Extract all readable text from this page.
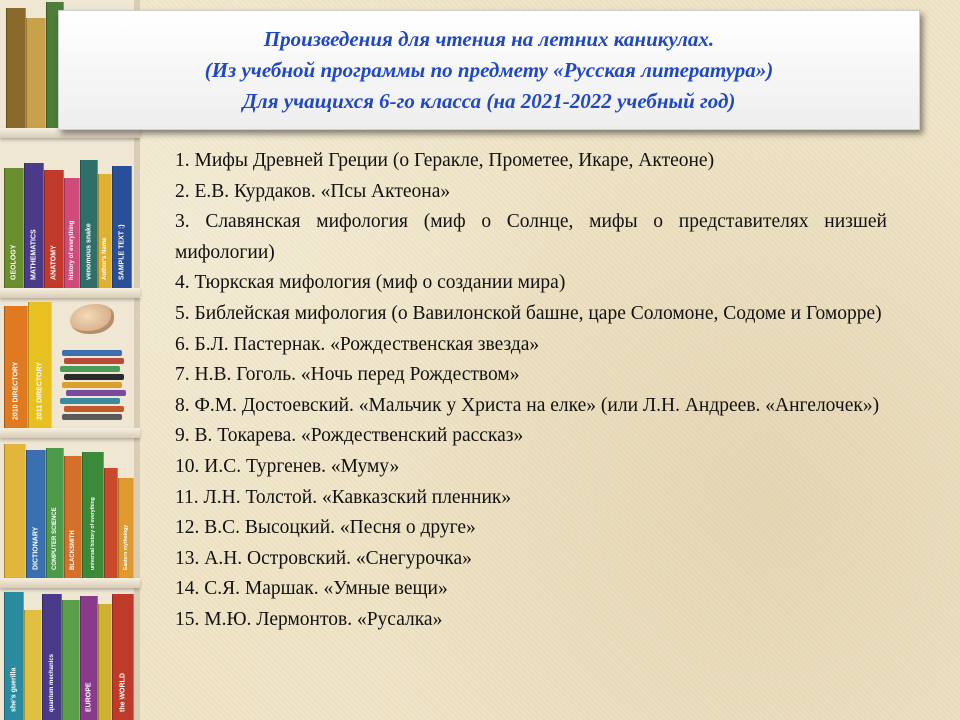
GEOLOGY MATHEMATICS ANATOMY history of everything venomous snake Author's Name SAMPLE TEXT :)
2010 DIRECTORY 2011 DIRECTORY
DICTIONARY COMPUTER SCIENCE BLACKSMITH	universal history of everything	Eastern mythology
she's guerilla	quantum mechanics	EUROPE	the WORLD
Произведения для чтения на летних каникулах.
(Из учебной программы по предмету «Русская литература»)
Для учащихся 6-го класса (на 2021-2022 учебный год)
1. Мифы Древней Греции (о Геракле, Прометее, Икаре, Актеоне)
2. Е.В. Курдаков. «Псы Актеона»
3. Славянская мифология (миф о Солнце, мифы о представителях низшей мифологии)
4. Тюркская мифология (миф о создании мира)
5. Библейская мифология (о Вавилонской башне, царе Соломоне, Содоме и Гоморре)
6. Б.Л. Пастернак. «Рождественская звезда»
7. Н.В. Гоголь. «Ночь перед Рождеством»
8. Ф.М. Достоевский. «Мальчик у Христа на елке» (или Л.Н. Андреев. «Ангелочек»)
9. В. Токарева. «Рождественский рассказ»
10. И.С. Тургенев. «Муму»
11. Л.Н. Толстой. «Кавказский пленник»
12. В.С. Высоцкий. «Песня о друге»
13. А.Н. Островский. «Снегурочка»
14. С.Я. Маршак. «Умные вещи»
15. М.Ю. Лермонтов. «Русалка»
